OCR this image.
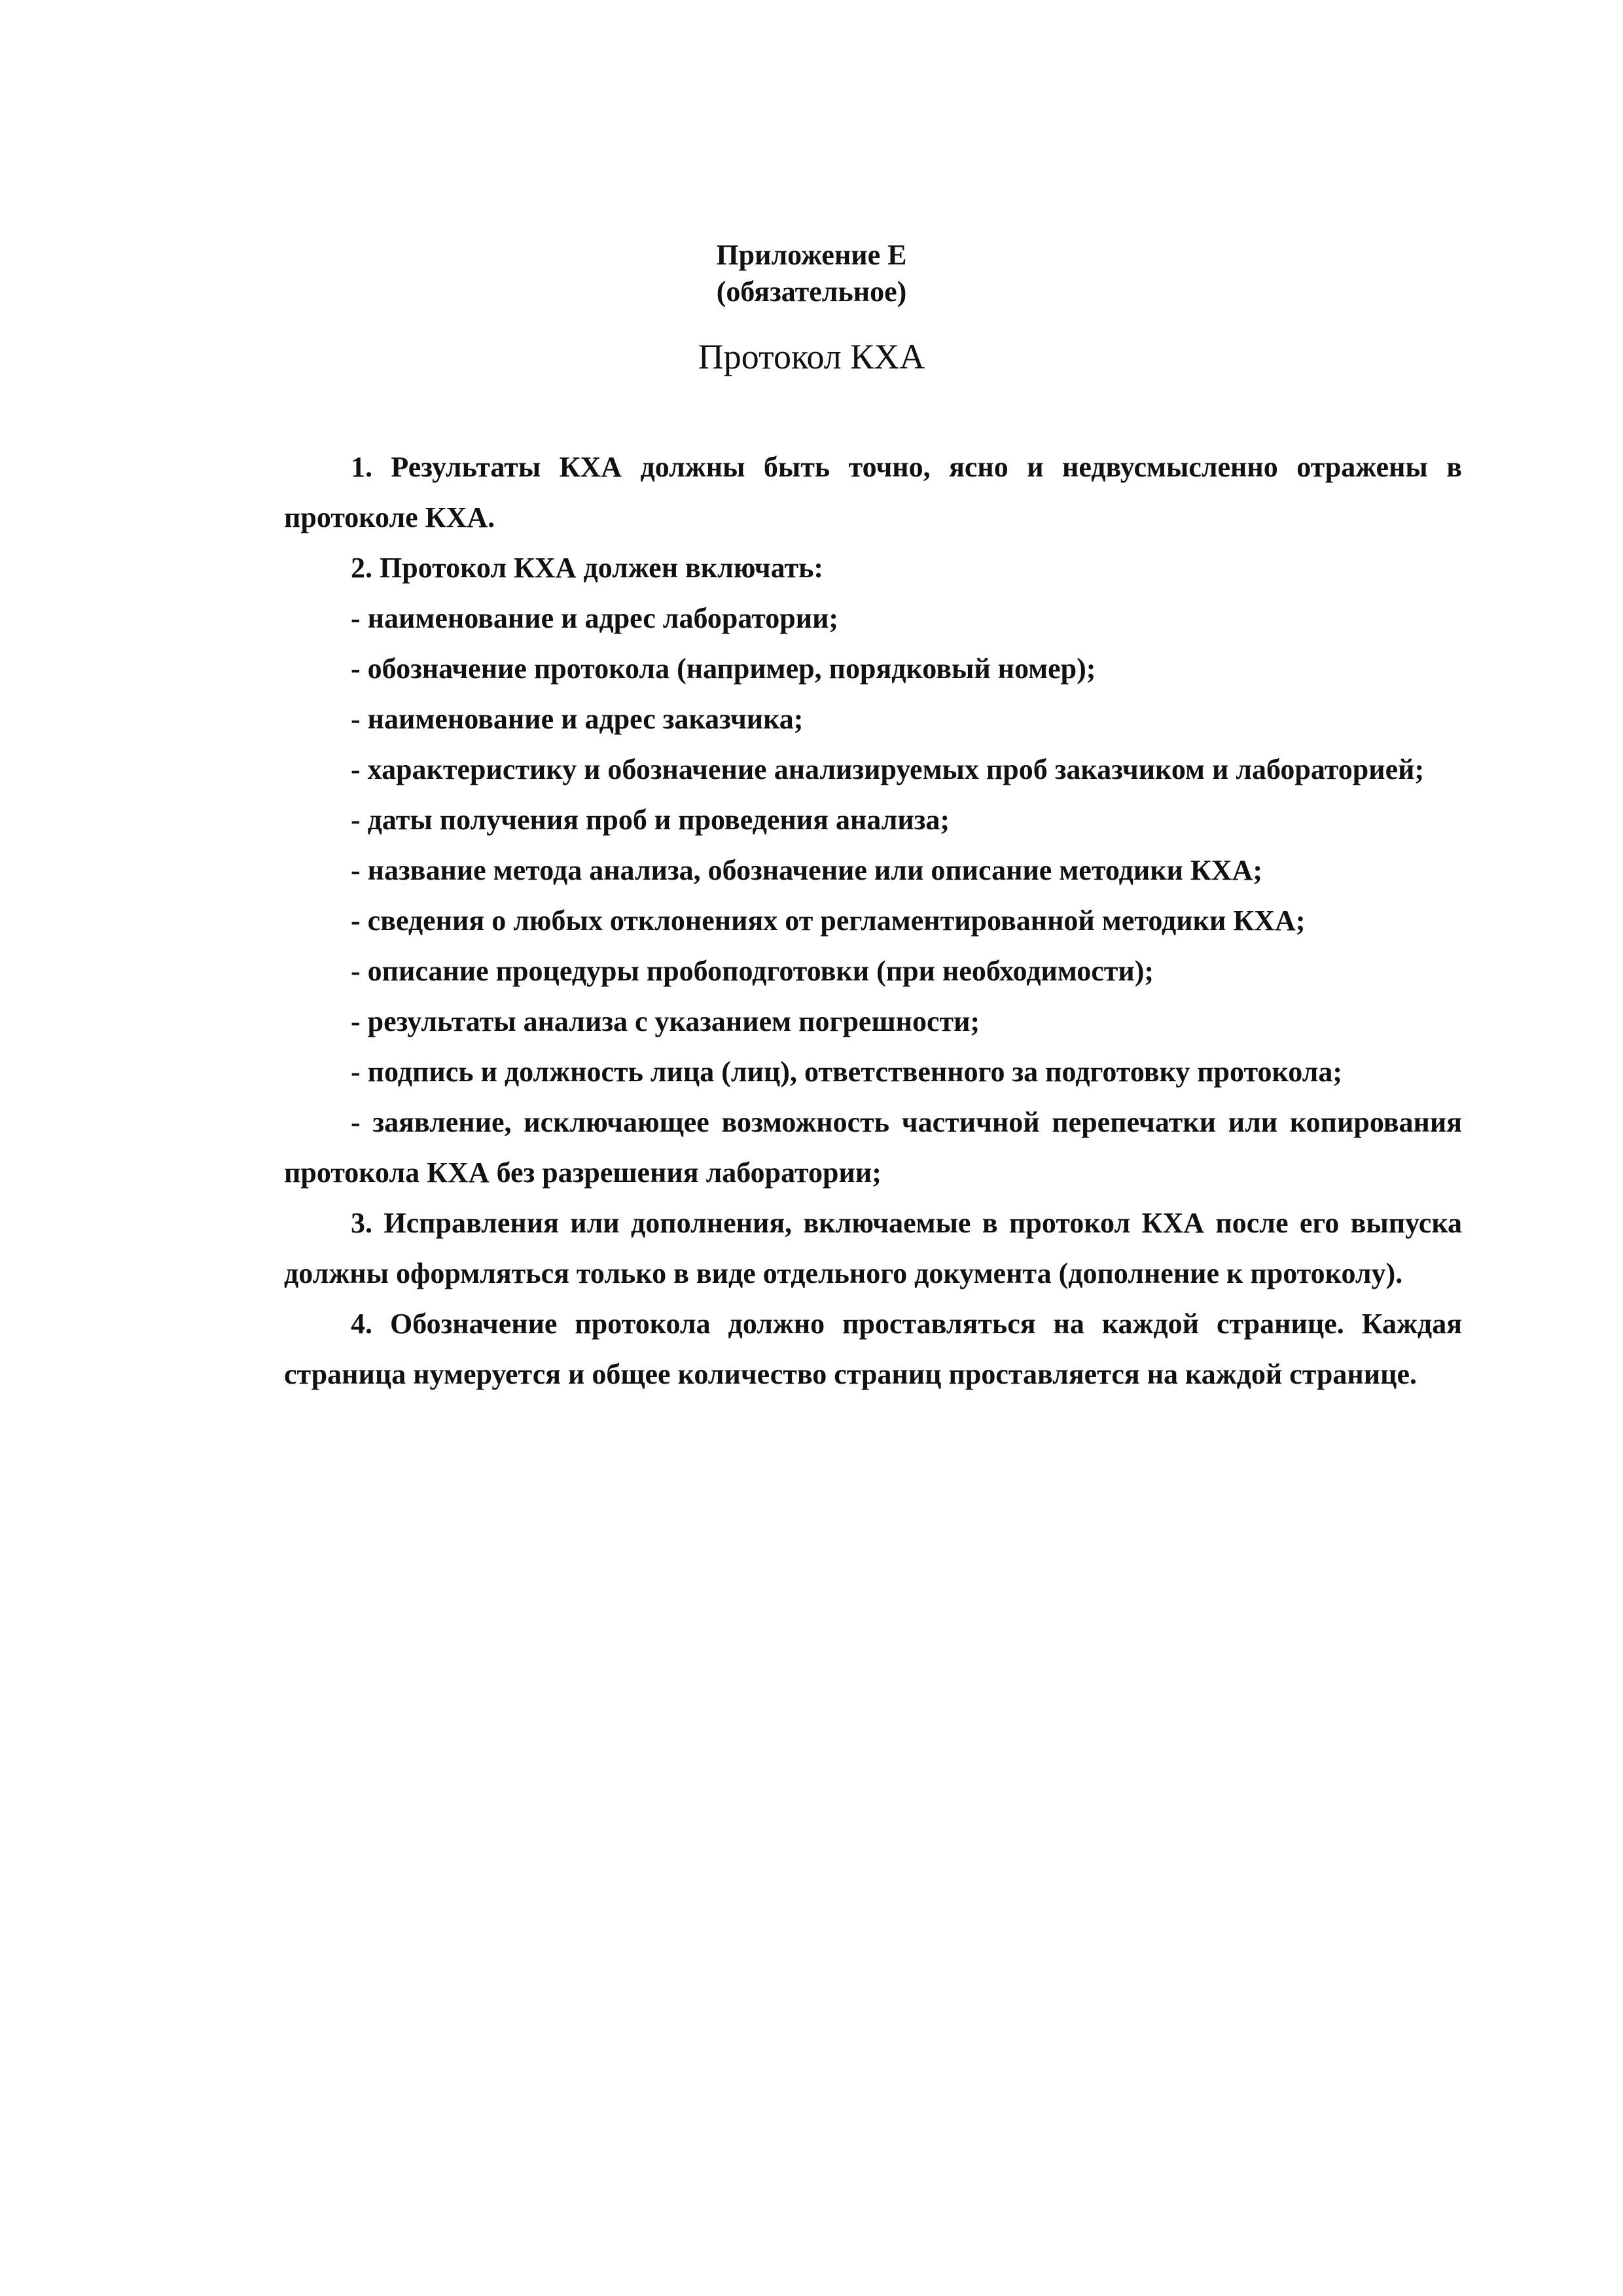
Приложение Е
(обязательное)
Протокол КХА

1. Результаты КХА должны быть точно, ясно и недвусмысленно отражены в протоколе КХА.

2. Протокол КХА должен включать:

- наименование и адрес лаборатории;

- обозначение протокола (например, порядковый номер);

- наименование и адрес заказчика;

- характеристику и обозначение анализируемых проб заказчиком и лабораторией;

- даты получения проб и проведения анализа;

- название метода анализа, обозначение или описание методики КХА;

- сведения о любых отклонениях от регламентированной методики КХА;

- описание процедуры пробоподготовки (при необходимости);

- результаты анализа с указанием погрешности;

- подпись и должность лица (лиц), ответственного за подготовку протокола;

- заявление, исключающее возможность частичной перепечатки или копирования протокола КХА без разрешения лаборатории;

3. Исправления или дополнения, включаемые в протокол КХА после его выпуска должны оформляться только в виде отдельного документа (дополнение к протоколу).

4. Обозначение протокола должно проставляться на каждой странице. Каждая страница нумеруется и общее количество страниц проставляется на каждой странице.
